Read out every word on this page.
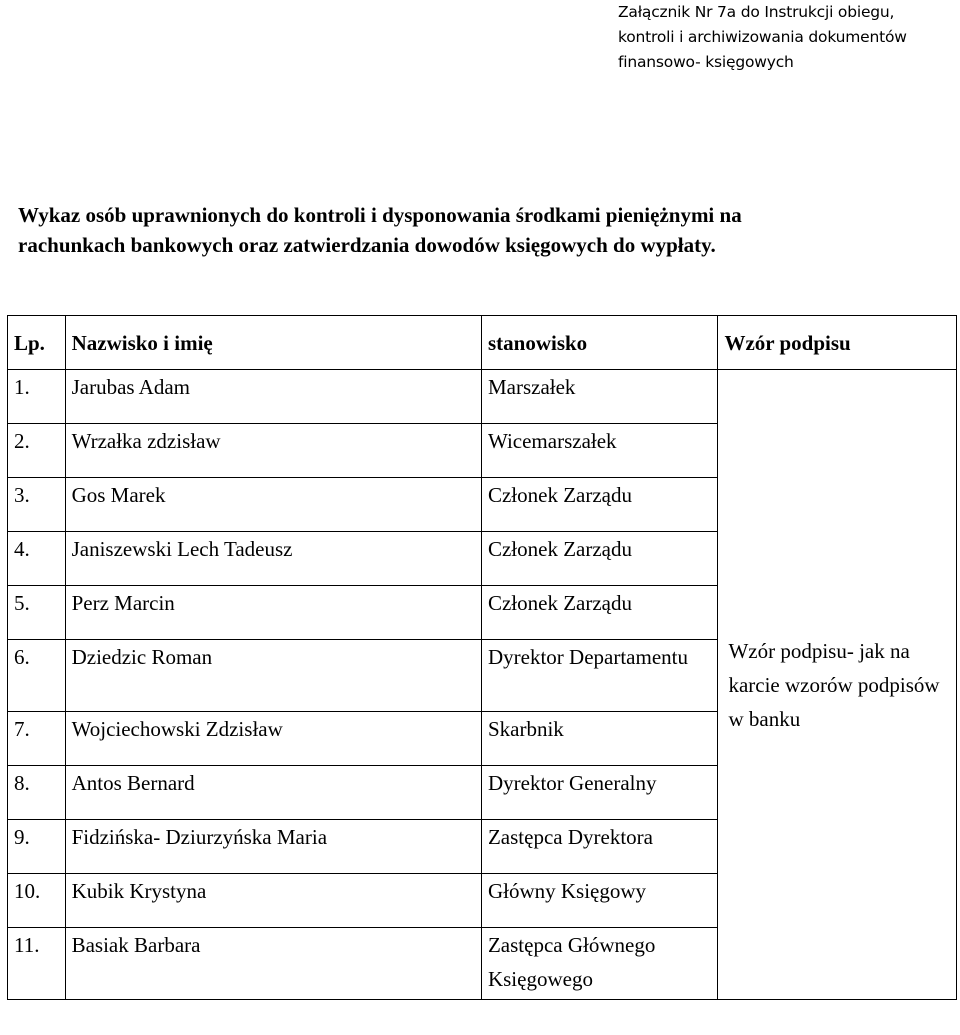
Załącznik Nr 7a do Instrukcji obiegu,
kontroli i archiwizowania dokumentów
finansowo- księgowych
Wykaz osób uprawnionych do kontroli i dysponowania środkami pieniężnymi na
rachunkach bankowych oraz zatwierdzania dowodów księgowych do wypłaty.
Lp.	Nazwisko i imię	stanowisko	Wzór podpisu
1.	Jarubas Adam	Marszałek	Wzór podpisu- jak na karcie wzorów podpisów w banku
2.	Wrzałka zdzisław	Wicemarszałek	
3.	Gos Marek	Członek Zarządu	
4.	Janiszewski Lech Tadeusz	Członek Zarządu	
5.	Perz Marcin	Członek Zarządu	
6.	Dziedzic Roman	Dyrektor Departamentu	
7.	Wojciechowski Zdzisław	Skarbnik	
8.	Antos Bernard	Dyrektor Generalny	
9.	Fidzińska- Dziurzyńska Maria	Zastępca Dyrektora	
10.	Kubik Krystyna	Główny Księgowy	
11.	Basiak Barbara	Zastępca Głównego Księgowego	
